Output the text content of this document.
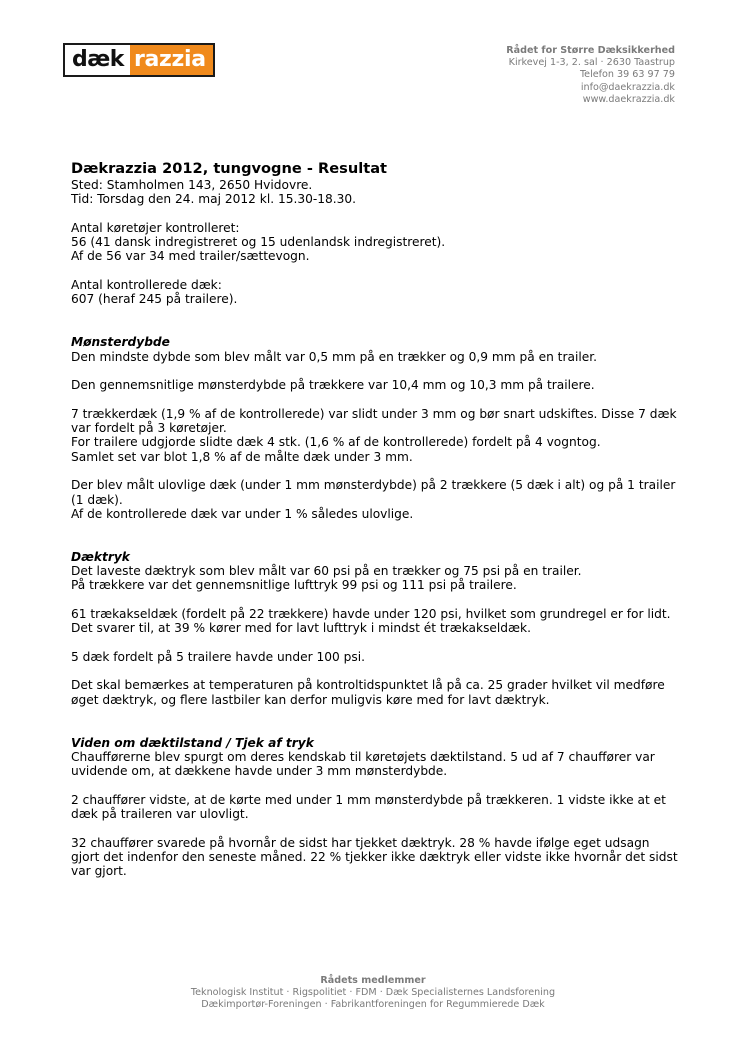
dæk razzia	Rådet for Større Dæksikkerhed
Kirkevej 1-3, 2. sal · 2630 Taastrup
Telefon 39 63 97 79
info@daekrazzia.dk
www.daekrazzia.dk

Dækrazzia 2012, tungvogne - Resultat

Sted: Stamholmen 143, 2650 Hvidovre.

Tid: Torsdag den 24. maj 2012 kl. 15.30-18.30.

Antal køretøjer kontrolleret:

56 (41 dansk indregistreret og 15 udenlandsk indregistreret).

Af de 56 var 34 med trailer/sættevogn.

Antal kontrollerede dæk:

607 (heraf 245 på trailere).

Mønsterdybde

Den mindste dybde som blev målt var 0,5 mm på en trækker og 0,9 mm på en trailer.

Den gennemsnitlige mønsterdybde på trækkere var 10,4 mm og 10,3 mm på trailere.

7 trækkerdæk (1,9 % af de kontrollerede) var slidt under 3 mm og bør snart udskiftes. Disse 7 dæk var fordelt på 3 køretøjer.

For trailere udgjorde slidte dæk 4 stk. (1,6 % af de kontrollerede) fordelt på 4 vogntog.

Samlet set var blot 1,8 % af de målte dæk under 3 mm.

Der blev målt ulovlige dæk (under 1 mm mønsterdybde) på 2 trækkere (5 dæk i alt) og på 1 trailer (1 dæk).

Af de kontrollerede dæk var under 1 % således ulovlige.

Dæktryk

Det laveste dæktryk som blev målt var 60 psi på en trækker og 75 psi på en trailer.

På trækkere var det gennemsnitlige lufttryk 99 psi og 111 psi på trailere.

61 trækakseldæk (fordelt på 22 trækkere) havde under 120 psi, hvilket som grundregel er for lidt. Det svarer til, at 39 % kører med for lavt lufttryk i mindst ét trækakseldæk.

5 dæk fordelt på 5 trailere havde under 100 psi.

Det skal bemærkes at temperaturen på kontroltidspunktet lå på ca. 25 grader hvilket vil medføre øget dæktryk, og flere lastbiler kan derfor muligvis køre med for lavt dæktryk.

Viden om dæktilstand / Tjek af tryk

Chaufførerne blev spurgt om deres kendskab til køretøjets dæktilstand. 5 ud af 7 chauffører var uvidende om, at dækkene havde under 3 mm mønsterdybde.

2 chauffører vidste, at de kørte med under 1 mm mønsterdybde på trækkeren. 1 vidste ikke at et dæk på traileren var ulovligt.

32 chauffører svarede på hvornår de sidst har tjekket dæktryk. 28 % havde ifølge eget udsagn gjort det indenfor den seneste måned. 22 % tjekker ikke dæktryk eller vidste ikke hvornår det sidst var gjort.

Rådets medlemmer
Teknologisk Institut · Rigspolitiet · FDM · Dæk Specialisternes Landsforening
Dækimportør-Foreningen · Fabrikantforeningen for Regummierede Dæk
